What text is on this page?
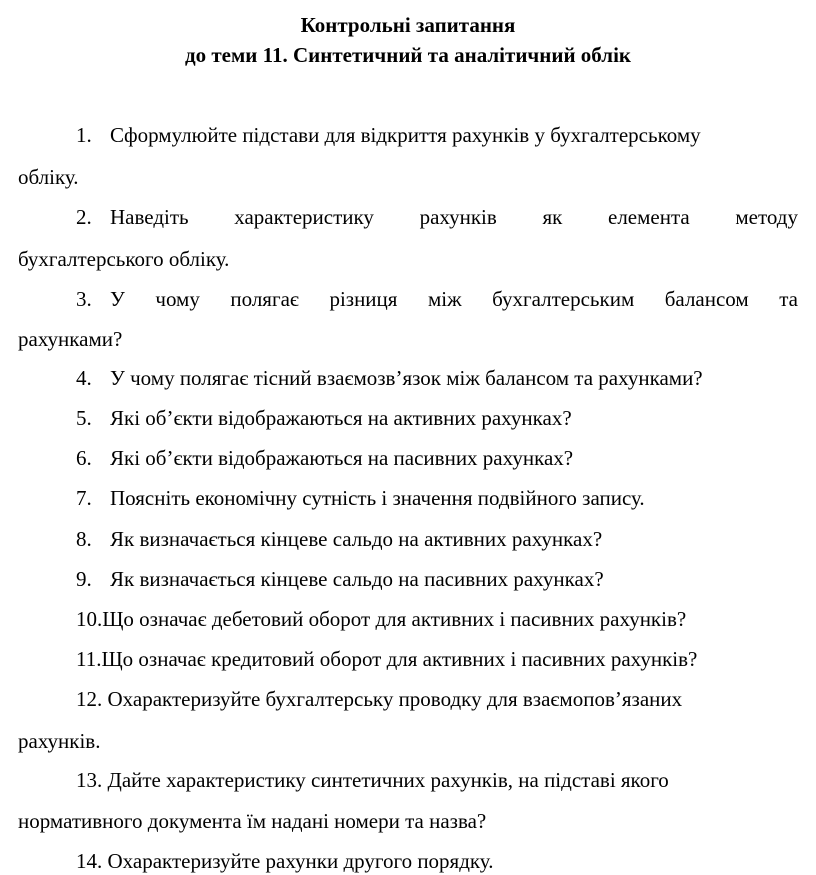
Контрольні запитання
до теми 11. Синтетичний та аналітичний облік
1. Сформулюйте підстави для відкриття рахунків у бухгалтерському
обліку.
2. Наведіть характеристику рахунків як елемента методу
бухгалтерського обліку.
3. У чому полягає різниця між бухгалтерським балансом та
рахунками?
4. У чому полягає тісний взаємозв’язок між балансом та рахунками?
5. Які об’єкти відображаються на активних рахунках?
6. Які об’єкти відображаються на пасивних рахунках?
7. Поясніть економічну сутність і значення подвійного запису.
8. Як визначається кінцеве сальдо на активних рахунках?
9. Як визначається кінцеве сальдо на пасивних рахунках?
10.Що означає дебетовий оборот для активних і пасивних рахунків?
11.Що означає кредитовий оборот для активних і пасивних рахунків?
12. Охарактеризуйте бухгалтерську проводку для взаємопов’язаних
рахунків.
13. Дайте характеристику синтетичних рахунків, на підставі якого
нормативного документа їм надані номери та назва?
14. Охарактеризуйте рахунки другого порядку.
